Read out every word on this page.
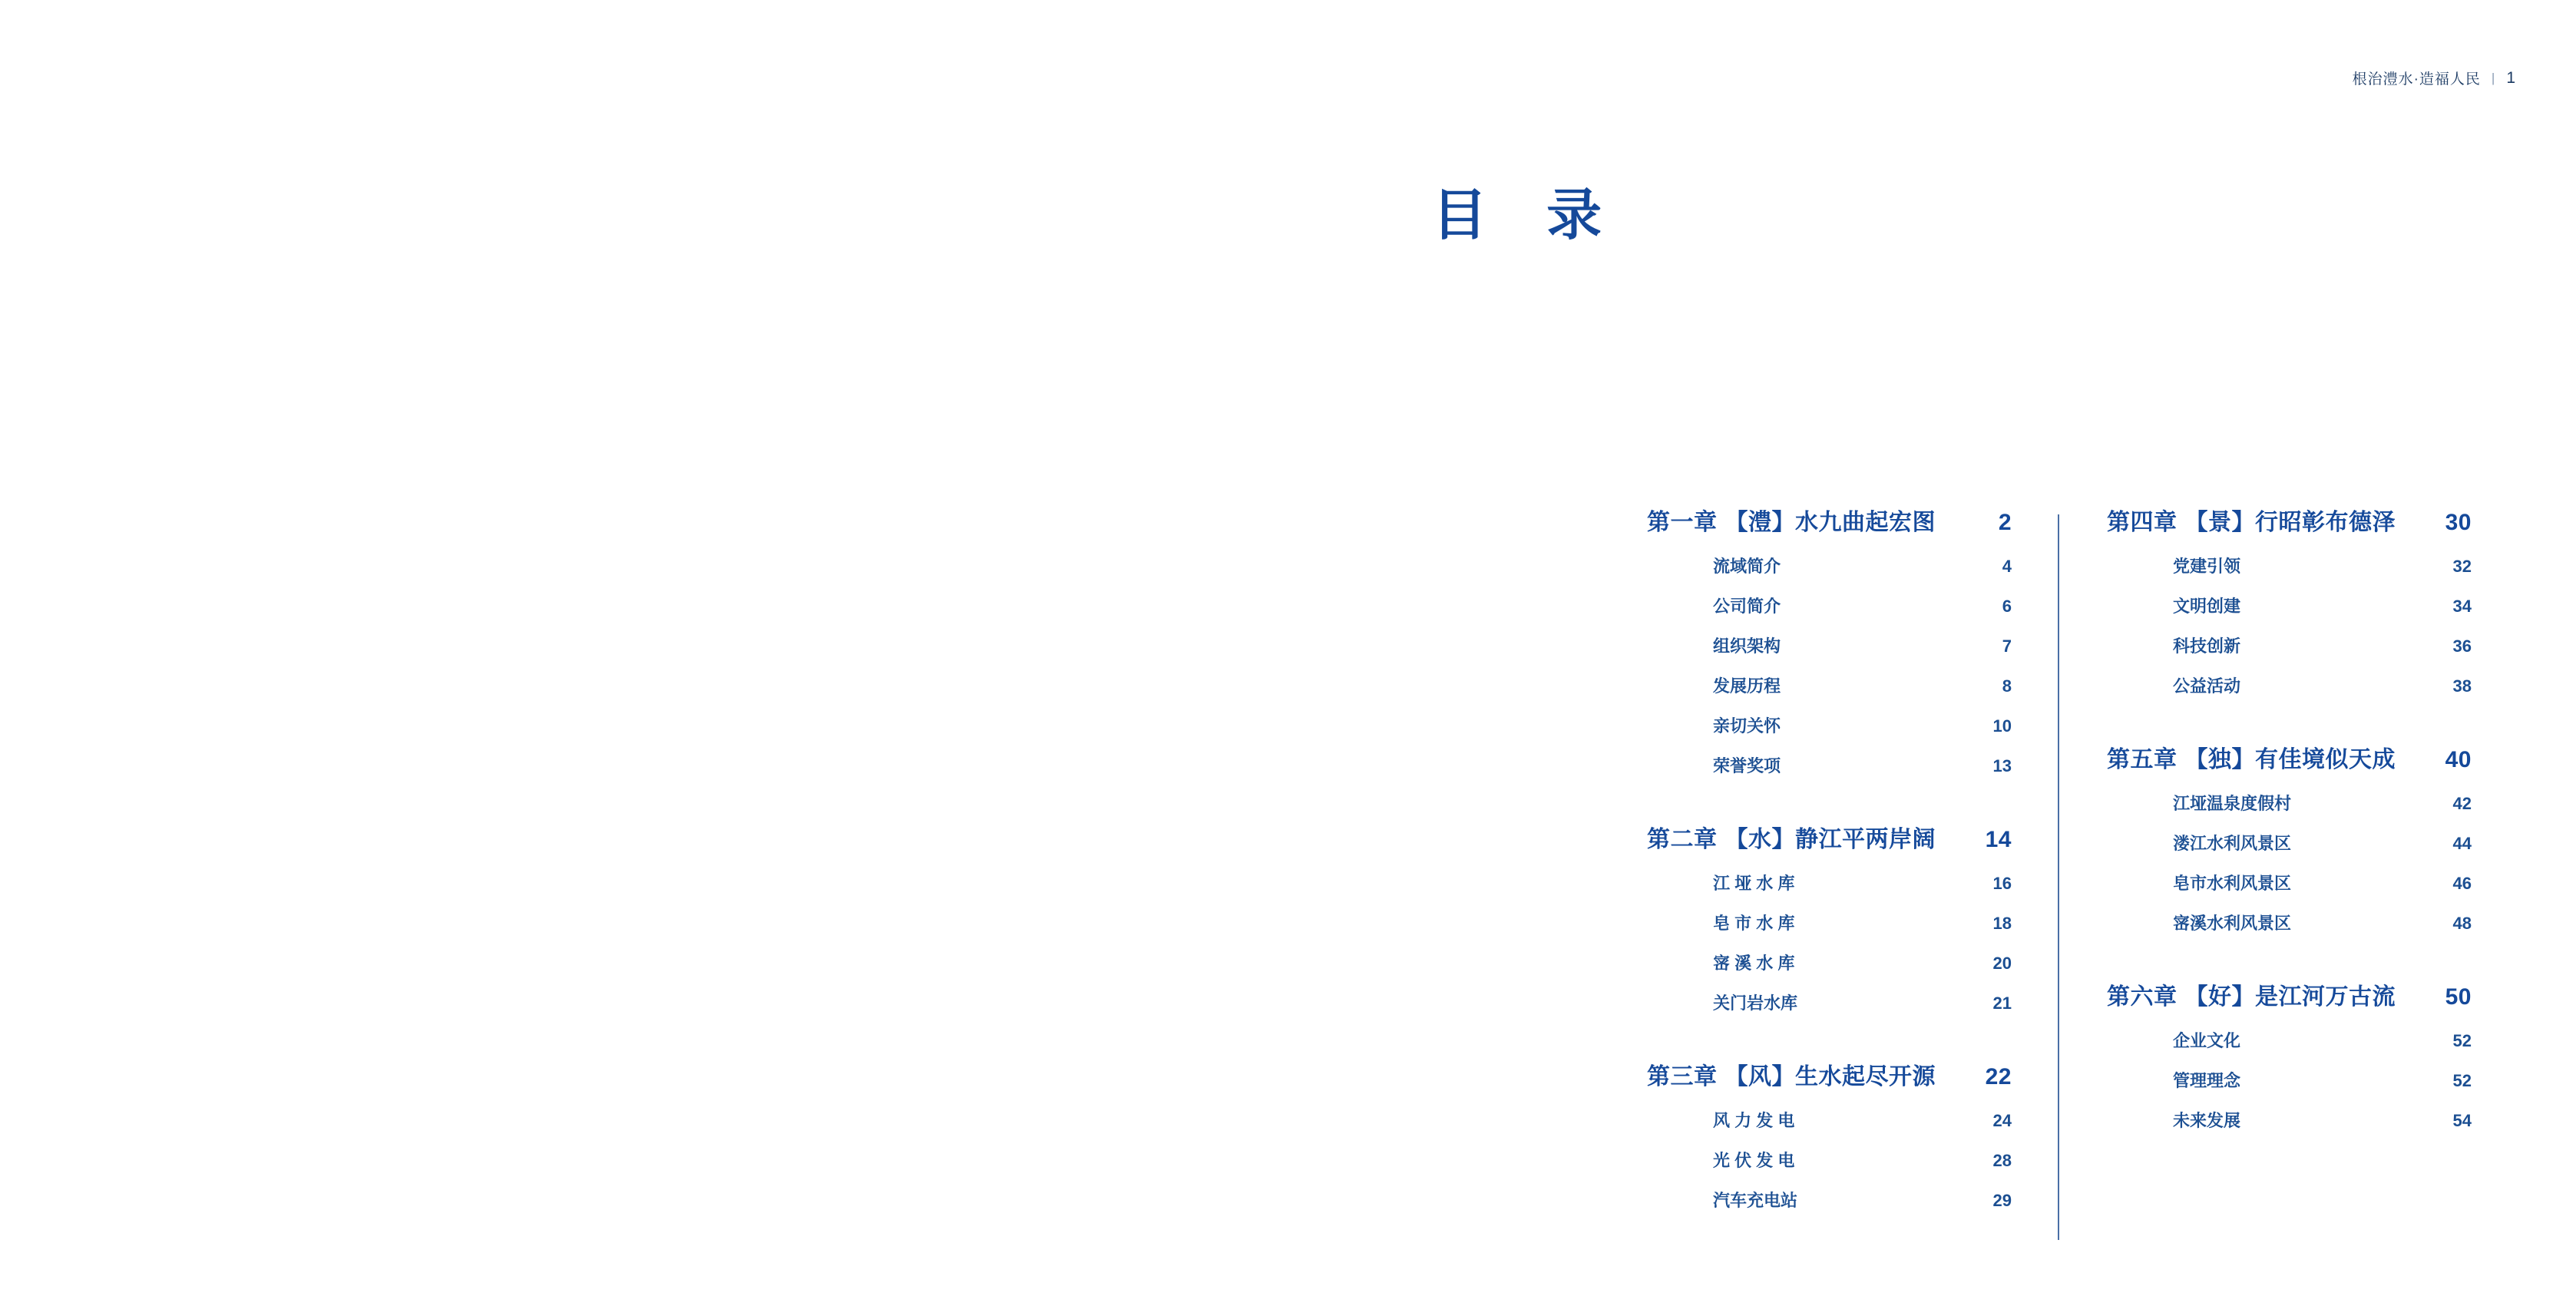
根治澧水·造福人民 | 1
目 录
第一章 【澧】水九曲起宏图	2
流域简介	4
公司简介	6
组织架构	7
发展历程	8
亲切关怀	10
荣誉奖项	13
第二章 【水】静江平两岸阔	14
江 垭 水 库	16
皂 市 水 库	18
宻 溪 水 库	20
关门岩水库	21
第三章 【风】生水起尽开源	22
风 力 发 电	24
光 伏 发 电	28
汽车充电站	29
第四章 【景】行昭彰布德泽	30
党建引领	32
文明创建	34
科技创新	36
公益活动	38
第五章 【独】有佳境似天成	40
江垭温泉度假村	42
溇江水利风景区	44
皂市水利风景区	46
宻溪水利风景区	48
第六章 【好】是江河万古流	50
企业文化	52
管理理念	52
未来发展	54
